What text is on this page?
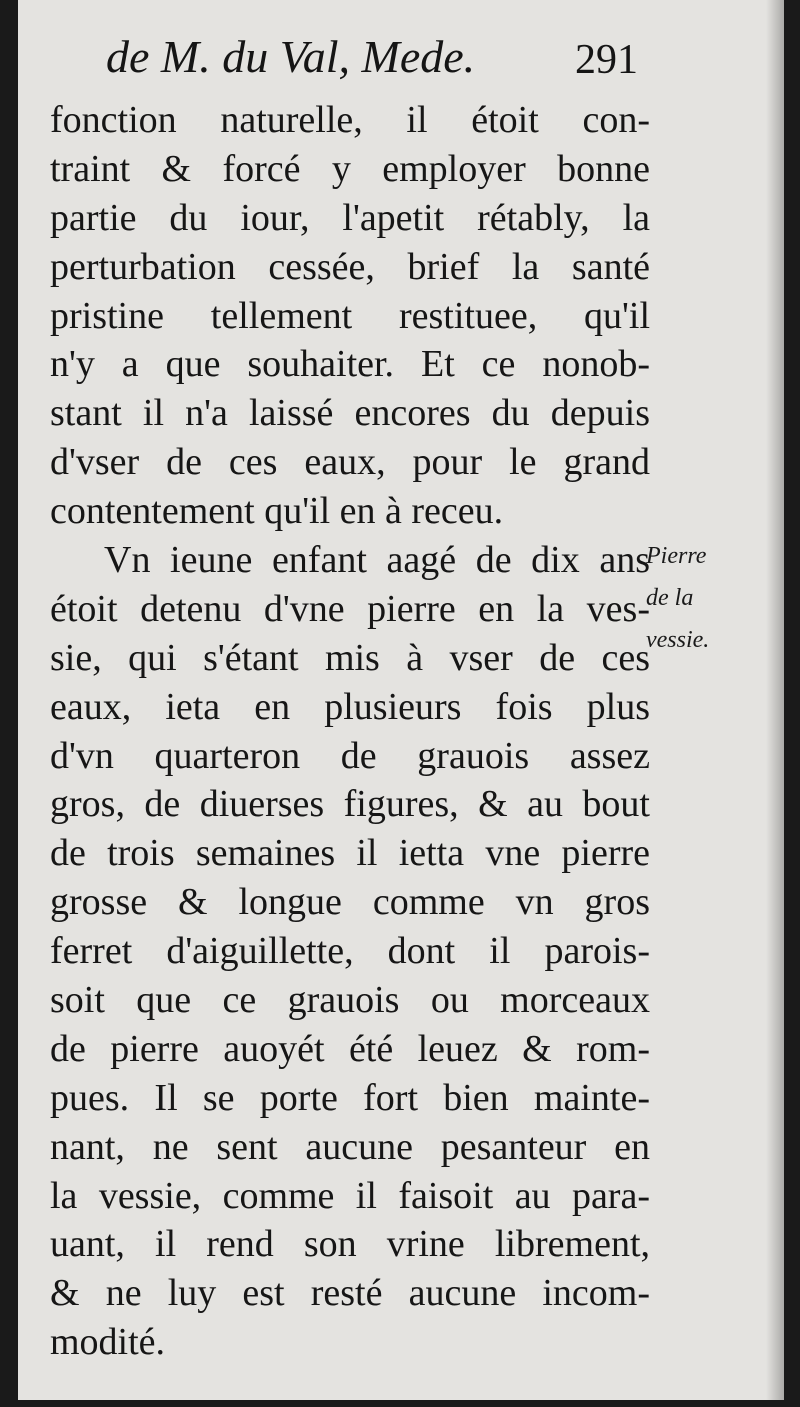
de M. du Val, Mede. 291
fonction naturelle, il étoit con-
traint & forcé y employer bonne
partie du iour, l'apetit rétably, la
perturbation cessée, brief la santé
pristine tellement restituee, qu'il
n'y a que souhaiter. Et ce nonob-
stant il n'a laissé encores du depuis
d'vser de ces eaux, pour le grand
contentement qu'il en à receu.
Vn ieune enfant aagé de dix ans
étoit detenu d'vne pierre en la ves-
sie, qui s'étant mis à vser de ces
eaux, ieta en plusieurs fois plus
d'vn quarteron de grauois assez
gros, de diuerses figures, & au bout
de trois semaines il ietta vne pierre
grosse & longue comme vn gros
ferret d'aiguillette, dont il parois-
soit que ce grauois ou morceaux
de pierre auoyét été leuez & rom-
pues. Il se porte fort bien mainte-
nant, ne sent aucune pesanteur en
la vessie, comme il faisoit au para-
uant, il rend son vrine librement,
& ne luy est resté aucune incom-
modité.
Pierre
de la
vessie.
